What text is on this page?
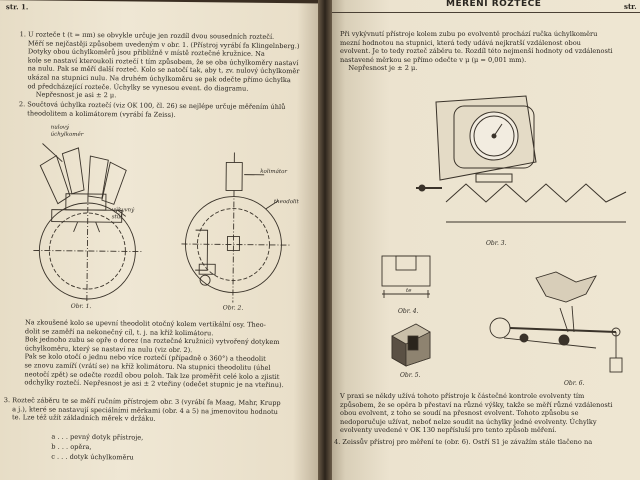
str. 1.
1. U rozteče t (t = πm) se obvykle určuje jen rozdíl dvou sousedních roztečí.
Měří se nejčastěji způsobem uvedeným v obr. 1. (Přístroj vyrábí fa Klingelnberg.)
Dotyky obou úchylkoměrů jsou přibližně v místě roztečné kružnice. Na
kole se nastaví kteroukoli roztečí t tím způsobem, že se oba úchylkoměry nastaví
na nulu. Pak se měří další rozteč. Kolo se natočí tak, aby t, zv. nulový úchylkoměr
ukázal na stupnici nulu. Na druhém úchylkoměru se pak odečte přímo úchylka
od předcházející rozteče. Úchylky se vynesou event. do diagramu.
Nepřesnost je asi ± 2 μ.
2. Součtová úchylka roztečí (viz OK 100, čl. 26) se nejlépe určuje měřením úhlů
theodolitem a kolimátorem (vyrábí fa Zeiss).
nulový
úchylkoměr
výkyvný
stůl
Obr. 1.
kolimátor
theodolit
Obr. 2.
Na zkoušené kolo se upevní theodolit otočný kolem vertikální osy. Theo-
dolit se zaměří na nekonečný cíl, t. j. na kříž kolimátoru.
Bok jednoho zubu se opře o dorez (na roztečné kružnici) vytvořený dotykem
úchylkoměru, který se nastaví na nulu (viz obr. 2).
Pak se kolo otočí o jednu nebo více roztečí (případně o 360°) a theodolit
se znovu zamíří (vrátí se) na kříž kolimátoru. Na stupnici theodolitu (úhel
neotočí zpět) se odečte rozdíl obou poloh. Tak lze proměřit celé kolo a zjistit
odchylky roztečí. Nepřesnost je asi ± 2 vteřiny (odečet stupnic je na vteřinu).
3. Rozteč záběru te se měří ručním přístrojem obr. 3 (vyrábí fa Maag, Mahr, Krupp
a j.), které se nastavují speciálními měrkami (obr. 4 a 5) na jmenovitou hodnotu
te. Lze též užít základních měrek v držáku.
a . . . pevný dotyk přístroje,
b . . . opěra,
c . . . dotyk úchylkoměru
MĚŘENÍ ROZTEČE	str.
Při vykývnutí přístroje kolem zubu po evolventě prochází ručka úchylkoměru
mezní hodnotou na stupnici, která tedy udává nejkratší vzdálenost obou
evolvent. Je to tedy rozteč záběru te. Rozdíl této nejmenší hodnoty od vzdálenosti
nastavené měrkou se přímo odečte v μ (μ = 0,001 mm).
Nepřesnost je ± 2 μ.
Obr. 3.
te
Obr. 4.
Obr. 5.
Obr. 6.
V praxi se někdy užívá tohoto přístroje k částečné kontrole evolventy tím
způsobem, že se opěra b přestaví na různé výšky, takže se měří různé vzdálenosti
obou evolvent, z toho se soudí na přesnost evolvent. Tohoto způsobu se
nedoporučuje užívat, neboť nelze soudit na úchylky jedné evolventy. Úchylky
evolventy uvedené v OK 130 nepřísluší pro tento způsob měření.
4. Zeissův přístroj pro měření te (obr. 6). Ostří S1 je závažím stále tlačeno na
